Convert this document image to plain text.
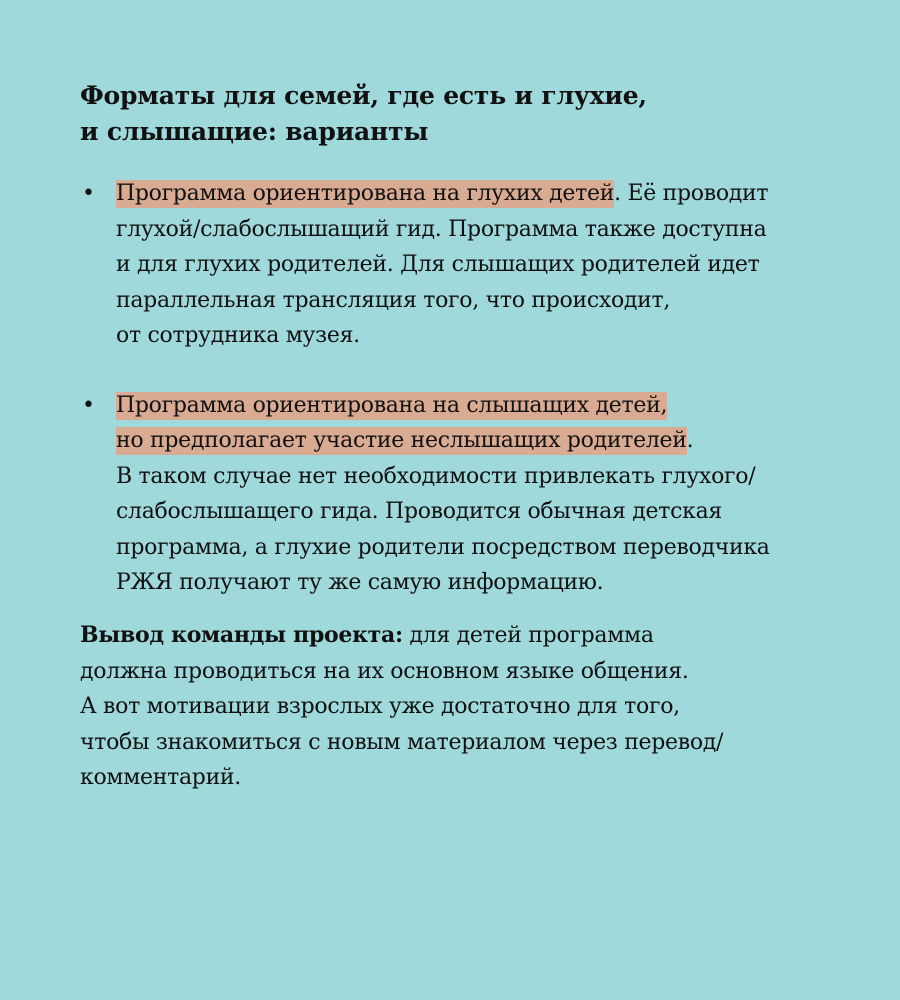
Форматы для семей, где есть и глухие,
и слышащие: варианты
• Программа ориентирована на глухих детей. Её проводит
глухой/слабослышащий гид. Программа также доступна
и для глухих родителей. Для слышащих родителей идет
параллельная трансляция того, что происходит,
от сотрудника музея.
• Программа ориентирована на слышащих детей,
но предполагает участие неслышащих родителей.
В таком случае нет необходимости привлекать глухого/
слабослышащего гида. Проводится обычная детская
программа, а глухие родители посредством переводчика
РЖЯ получают ту же самую информацию.
Вывод команды проекта: для детей программа
должна проводиться на их основном языке общения.
А вот мотивации взрослых уже достаточно для того,
чтобы знакомиться с новым материалом через перевод/
комментарий.
